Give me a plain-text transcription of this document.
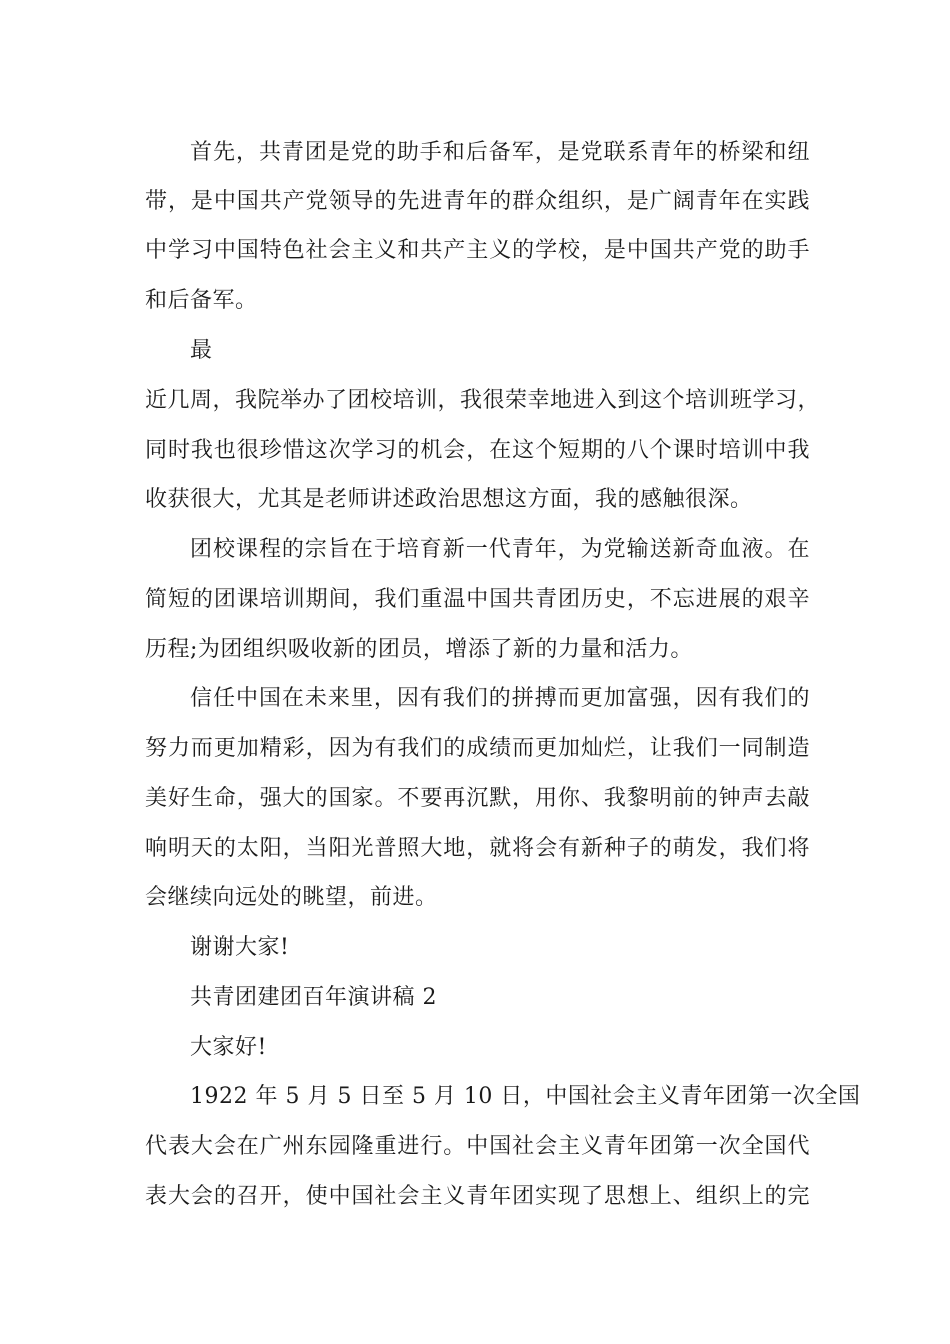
首先，共青团是党的助手和后备军，是党联系青年的桥梁和纽
带，是中国共产党领导的先进青年的群众组织，是广阔青年在实践
中学习中国特色社会主义和共产主义的学校，是中国共产党的助手
和后备军。
最
近几周，我院举办了团校培训，我很荣幸地进入到这个培训班学习，
同时我也很珍惜这次学习的机会，在这个短期的八个课时培训中我
收获很大，尤其是老师讲述政治思想这方面，我的感触很深。
团校课程的宗旨在于培育新一代青年，为党输送新奇血液。在
简短的团课培训期间，我们重温中国共青团历史，不忘进展的艰辛
历程;为团组织吸收新的团员，增添了新的力量和活力。
信任中国在未来里，因有我们的拼搏而更加富强，因有我们的
努力而更加精彩，因为有我们的成绩而更加灿烂，让我们一同制造
美好生命，强大的国家。不要再沉默，用你、我黎明前的钟声去敲
响明天的太阳，当阳光普照大地，就将会有新种子的萌发，我们将
会继续向远处的眺望，前进。
谢谢大家!
共青团建团百年演讲稿 2
大家好!
1922 年 5 月 5 日至 5 月 10 日，中国社会主义青年团第一次全国
代表大会在广州东园隆重进行。中国社会主义青年团第一次全国代
表大会的召开，使中国社会主义青年团实现了思想上、组织上的完
